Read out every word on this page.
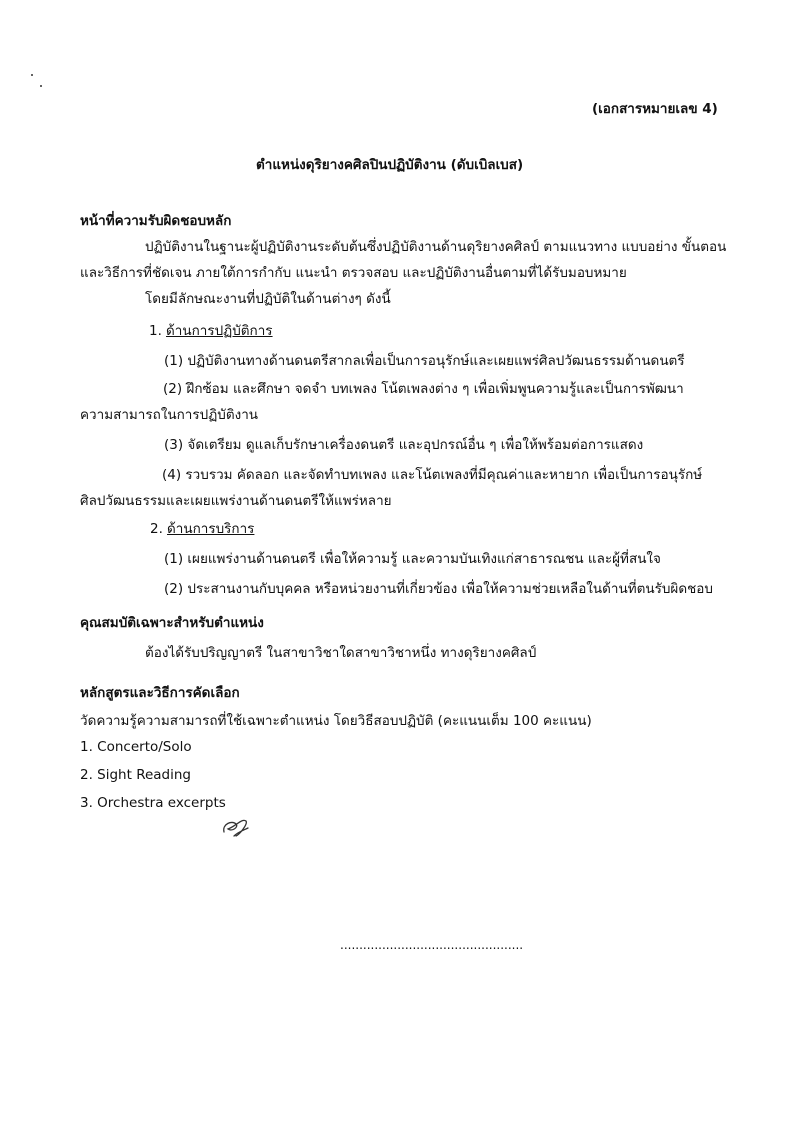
(เอกสารหมายเลข 4)
ตำแหน่งดุริยางคศิลปินปฏิบัติงาน (ดับเบิลเบส)
หน้าที่ความรับผิดชอบหลัก
ปฏิบัติงานในฐานะผู้ปฏิบัติงานระดับต้นซึ่งปฏิบัติงานด้านดุริยางคศิลป์ ตามแนวทาง แบบอย่าง ขั้นตอน
และวิธีการที่ชัดเจน ภายใต้การกำกับ แนะนำ ตรวจสอบ และปฏิบัติงานอื่นตามที่ได้รับมอบหมาย
โดยมีลักษณะงานที่ปฏิบัติในด้านต่างๆ ดังนี้
1. ด้านการปฏิบัติการ
(1) ปฏิบัติงานทางด้านดนตรีสากลเพื่อเป็นการอนุรักษ์และเผยแพร่ศิลปวัฒนธรรมด้านดนตรี
(2) ฝึกซ้อม และศึกษา จดจำ บทเพลง โน้ตเพลงต่าง ๆ เพื่อเพิ่มพูนความรู้และเป็นการพัฒนา
ความสามารถในการปฏิบัติงาน
(3) จัดเตรียม ดูแลเก็บรักษาเครื่องดนตรี และอุปกรณ์อื่น ๆ เพื่อให้พร้อมต่อการแสดง
(4) รวบรวม คัดลอก และจัดทำบทเพลง และโน้ตเพลงที่มีคุณค่าและหายาก เพื่อเป็นการอนุรักษ์
ศิลปวัฒนธรรมและเผยแพร่งานด้านดนตรีให้แพร่หลาย
2. ด้านการบริการ
(1) เผยแพร่งานด้านดนตรี เพื่อให้ความรู้ และความบันเทิงแก่สาธารณชน และผู้ที่สนใจ
(2) ประสานงานกับบุคคล หรือหน่วยงานที่เกี่ยวข้อง เพื่อให้ความช่วยเหลือในด้านที่ตนรับผิดชอบ
คุณสมบัติเฉพาะสำหรับตำแหน่ง
ต้องได้รับปริญญาตรี ในสาขาวิชาใดสาขาวิชาหนึ่ง ทางดุริยางคศิลป์
หลักสูตรและวิธีการคัดเลือก
วัดความรู้ความสามารถที่ใช้เฉพาะตำแหน่ง โดยวิธีสอบปฏิบัติ (คะแนนเต็ม 100 คะแนน)
1. Concerto/Solo
2. Sight Reading
3. Orchestra excerpts
................................................
